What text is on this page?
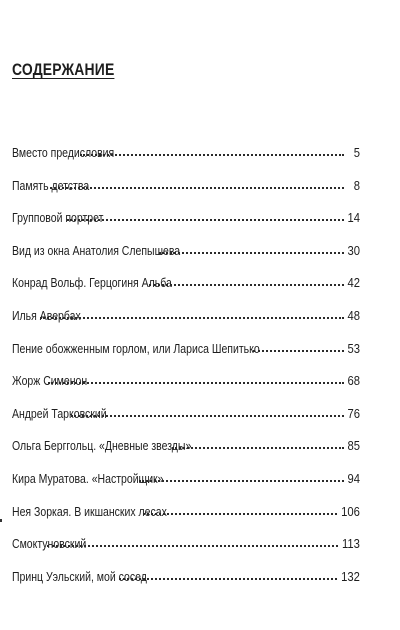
СОДЕРЖАНИЕ
Вместо предисловия	5
Память детства	8
Групповой портрет	14
Вид из окна Анатолия Слепышева	30
Конрад Вольф. Герцогиня Альба	42
Илья Авербах	48
Пение обожженным горлом, или Лариса Шепитько	53
Жорж Сименон	68
Андрей Тарковский	76
Ольга Берггольц. «Дневные звезды»	85
Кира Муратова. «Настройщик»	94
Нея Зоркая. В икшанских лесах	106
Смоктуновский	113
Принц Уэльский, мой сосед	132
